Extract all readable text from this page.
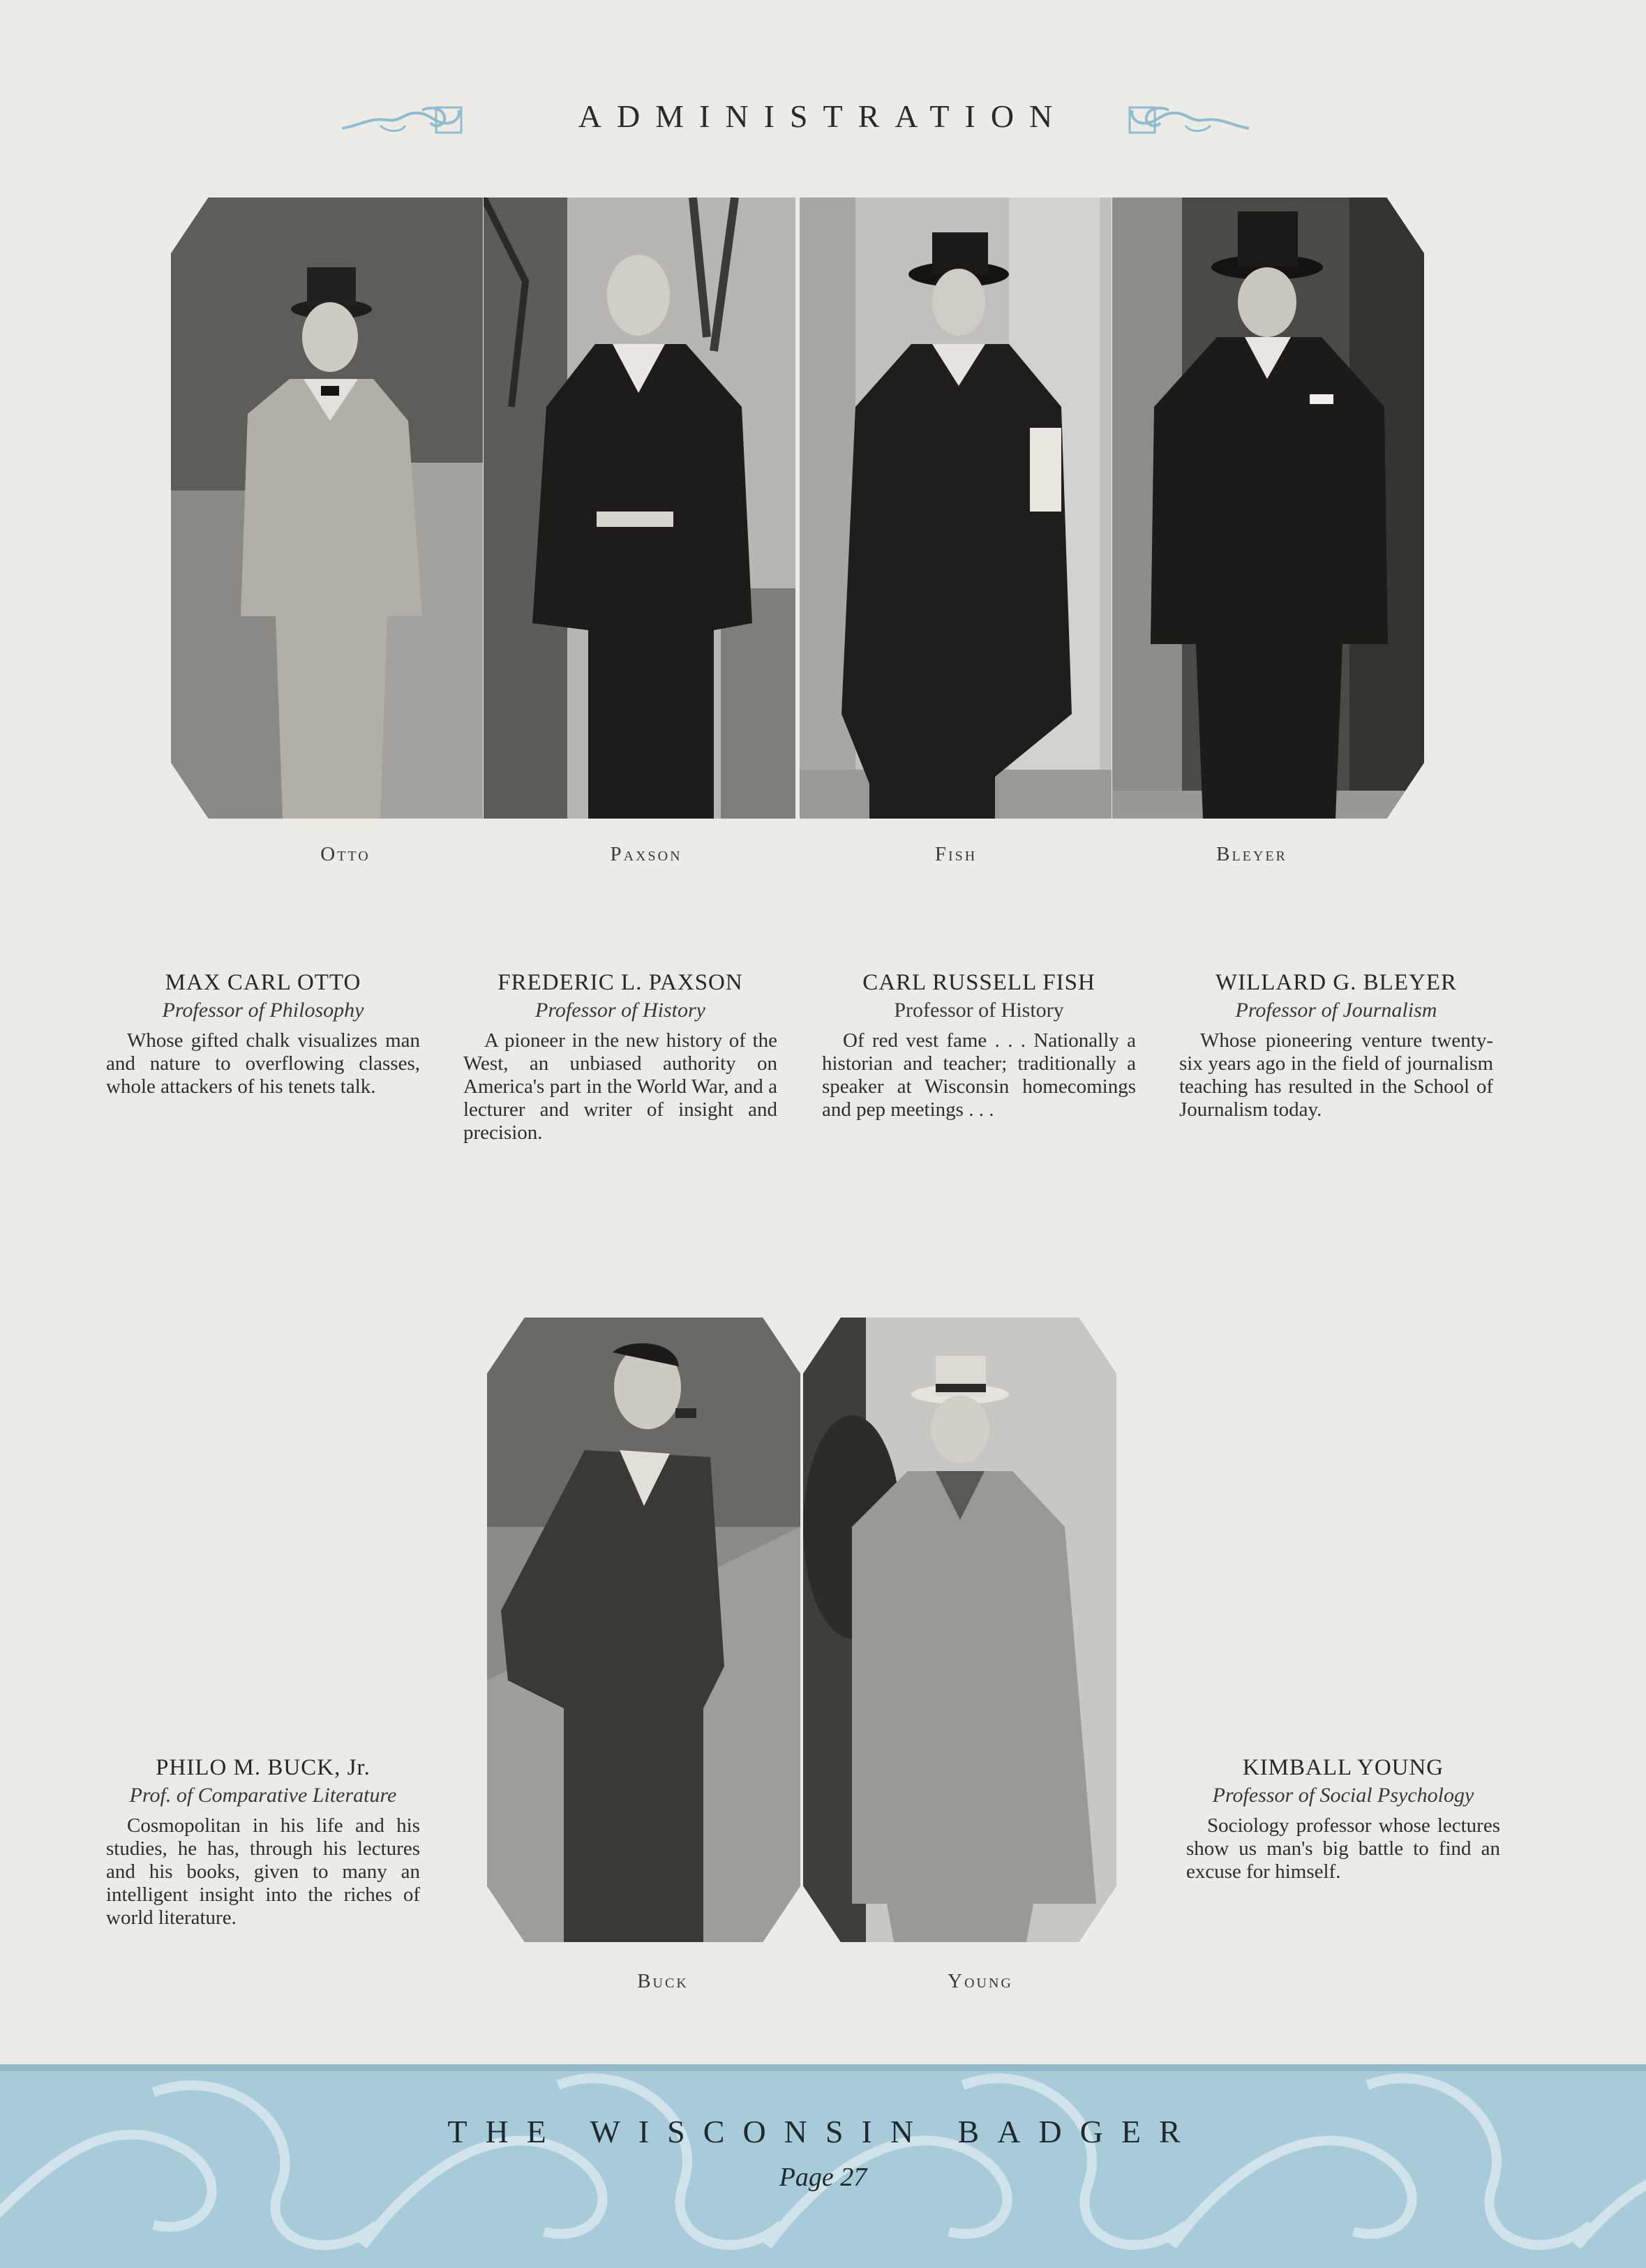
ADMINISTRATION
Otto	Paxson	Fish	Bleyer
MAX CARL OTTO
Professor of Philosophy
Whose gifted chalk visualizes man and nature to overflowing classes, whole attackers of his tenets talk.
FREDERIC L. PAXSON
Professor of History
A pioneer in the new history of the West, an unbiased authority on America's part in the World War, and a lecturer and writer of insight and precision.
CARL RUSSELL FISH
Professor of History
Of red vest fame . . . Nationally a historian and teacher; traditionally a speaker at Wisconsin homecomings and pep meetings . . .
WILLARD G. BLEYER
Professor of Journalism
Whose pioneering venture twenty-six years ago in the field of journalism teaching has resulted in the School of Journalism today.
Buck	Young
PHILO M. BUCK, Jr.
Prof. of Comparative Literature
Cosmopolitan in his life and his studies, he has, through his lectures and his books, given to many an intelligent insight into the riches of world literature.
KIMBALL YOUNG
Professor of Social Psychology
Sociology professor whose lectures show us man's big battle to find an excuse for himself.
THE WISCONSIN BADGER
Page 27
